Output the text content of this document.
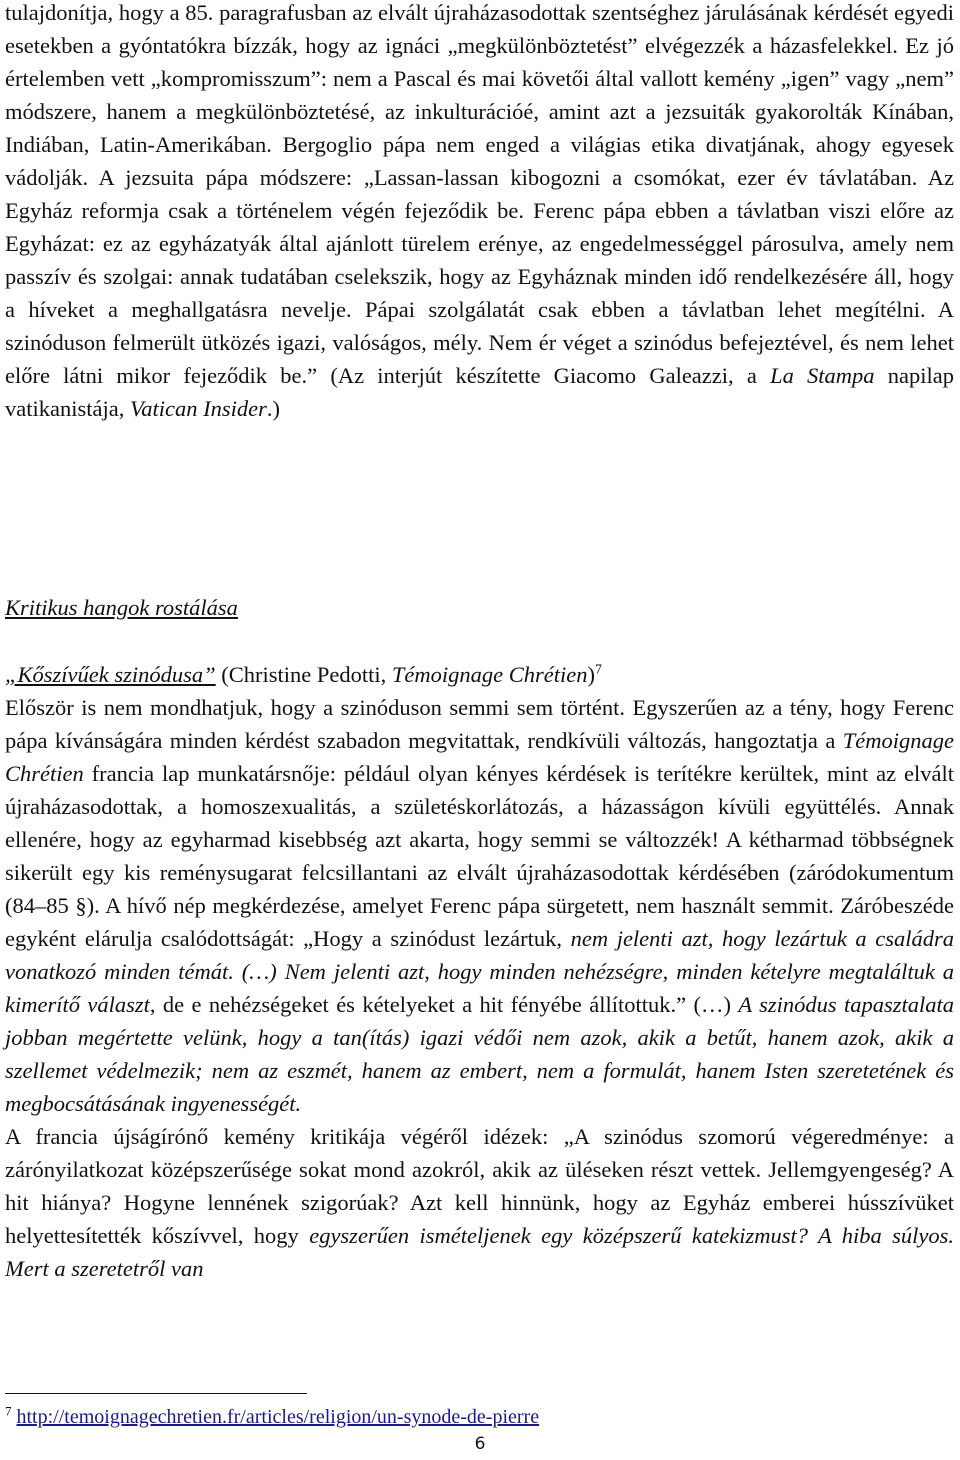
tulajdonítja, hogy a 85. paragrafusban az elvált újraházasodottak szentséghez járulásának kérdését egyedi esetekben a gyóntatókra bízzák, hogy az ignáci „megkülönböztetést” elvégezzék a házasfelekkel. Ez jó értelemben vett „kompromisszum”: nem a Pascal és mai követői által vallott kemény „igen” vagy „nem” módszere, hanem a megkülönböztetésé, az inkulturációé, amint azt a jezsuiták gyakorolták Kínában, Indiában, Latin-Amerikában. Bergoglio pápa nem enged a világias etika divatjának, ahogy egyesek vádolják. A jezsuita pápa módszere: „Lassan-lassan kibogozni a csomókat, ezer év távlatában. Az Egyház reformja csak a történelem végén fejeződik be. Ferenc pápa ebben a távlatban viszi előre az Egyházat: ez az egyházatyák által ajánlott türelem erénye, az engedelmességgel párosulva, amely nem passzív és szolgai: annak tudatában cselekszik, hogy az Egyháznak minden idő rendelkezésére áll, hogy a híveket a meghallgatásra nevelje. Pápai szolgálatát csak ebben a távlatban lehet megítélni. A szinóduson felmerült ütközés igazi, valóságos, mély. Nem ér véget a szinódus befejeztével, és nem lehet előre látni mikor fejeződik be.” (Az interjút készítette Giacomo Galeazzi, a La Stampa napilap vatikanistája, Vatican Insider.)

Kritikus hangok rostálása

„Kőszívűek szinódusa” (Christine Pedotti, Témoignage Chrétien)$^7$
Először is nem mondhatjuk, hogy a szinóduson semmi sem történt. Egyszerűen az a tény, hogy Ferenc pápa kívánságára minden kérdést szabadon megvitattak, rendkívüli változás, hangoztatja a Témoignage Chrétien francia lap munkatársnője: például olyan kényes kérdések is terítékre kerültek, mint az elvált újraházasodottak, a homoszexualitás, a születéskorlátozás, a házasságon kívüli együttélés. Annak ellenére, hogy az egyharmad kisebbség azt akarta, hogy semmi se változzék! A kétharmad többségnek sikerült egy kis reménysugarat felcsillantani az elvált újraházasodottak kérdésében (záródokumentum (84–85 §). A hívő nép megkérdezése, amelyet Ferenc pápa sürgetett, nem használt semmit. Záróbeszéde egyként elárulja csalódottságát: „Hogy a szinódust lezártuk, nem jelenti azt, hogy lezártuk a családra vonatkozó minden témát. (…) Nem jelenti azt, hogy minden nehézségre, minden kételyre megtaláltuk a kimerítő választ, de e nehézségeket és kételyeket a hit fényébe állítottuk.” (…) A szinódus tapasztalata jobban megértette velünk, hogy a tan(ítás) igazi védői nem azok, akik a betűt, hanem azok, akik a szellemet védelmezik; nem az eszmét, hanem az embert, nem a formulát, hanem Isten szeretetének és megbocsátásának ingyenességét.
A francia újságírónő kemény kritikája végéről idézek: „A szinódus szomorú végeredménye: a zárónyilatkozat középszerűsége sokat mond azokról, akik az üléseken részt vettek. Jellemgyengeség? A hit hiánya? Hogyne lennének szigorúak? Azt kell hinnünk, hogy az Egyház emberei hússzívüket helyettesítették kőszívvel, hogy egyszerűen ismételjenek egy középszerű katekizmust? A hiba súlyos. Mert a szeretetről van

$^7$ http://temoignagechretien.fr/articles/religion/un-synode-de-pierre
6
